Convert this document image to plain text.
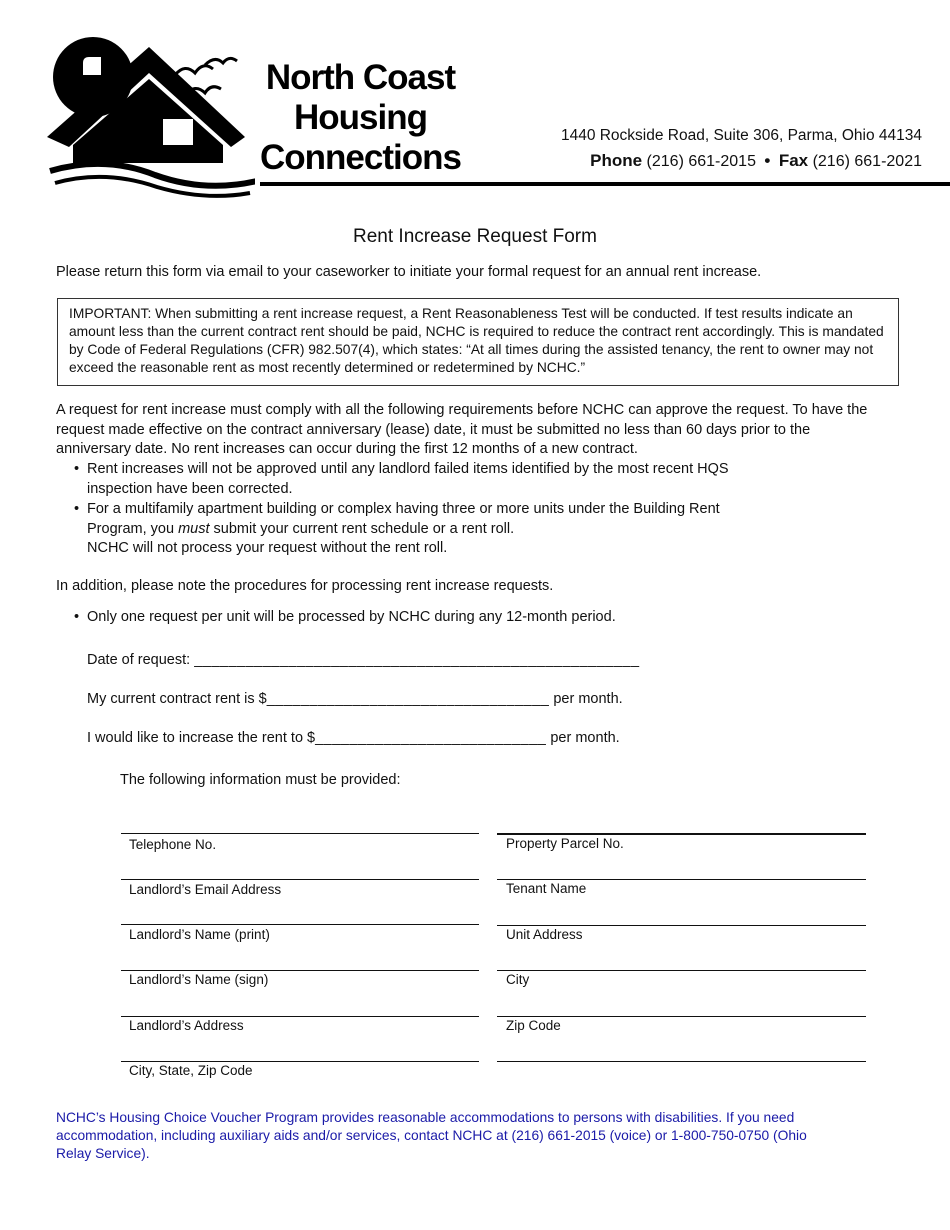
North Coast
Housing
Connections
1440 Rockside Road, Suite 306, Parma, Ohio 44134
Phone (216) 661-2015 • Fax (216) 661-2021
Rent Increase Request Form
Please return this form via email to your caseworker to initiate your formal request for an annual rent increase.
IMPORTANT: When submitting a rent increase request, a Rent Reasonableness Test will be conducted. If test results indicate an amount less than the current contract rent should be paid, NCHC is required to reduce the contract rent accordingly. This is mandated by Code of Federal Regulations (CFR) 982.507(4), which states: “At all times during the assisted tenancy, the rent to owner may not exceed the reasonable rent as most recently determined or redetermined by NCHC.”
A request for rent increase must comply with all the following requirements before NCHC can approve the request. To have the request made effective on the contract anniversary (lease) date, it must be submitted no less than 60 days prior to the anniversary date. No rent increases can occur during the first 12 months of a new contract.
• Rent increases will not be approved until any landlord failed items identified by the most recent HQS inspection have been corrected.
• For a multifamily apartment building or complex having three or more units under the Building Rent Program, you must submit your current rent schedule or a rent roll.
NCHC will not process your request without the rent roll.
In addition, please note the procedures for processing rent increase requests.
• Only one request per unit will be processed by NCHC during any 12-month period.
Date of request: ____________________________________________________
My current contract rent is $_________________________________ per month.
I would like to increase the rent to $___________________________ per month.
The following information must be provided:
Telephone No.
Landlord’s Email Address
Landlord’s Name (print)
Landlord’s Name (sign)
Landlord’s Address
City, State, Zip Code
Property Parcel No.
Tenant Name
Unit Address
City
Zip Code
NCHC’s Housing Choice Voucher Program provides reasonable accommodations to persons with disabilities. If you need accommodation, including auxiliary aids and/or services, contact NCHC at (216) 661-2015 (voice) or 1-800-750-0750 (Ohio Relay Service).
